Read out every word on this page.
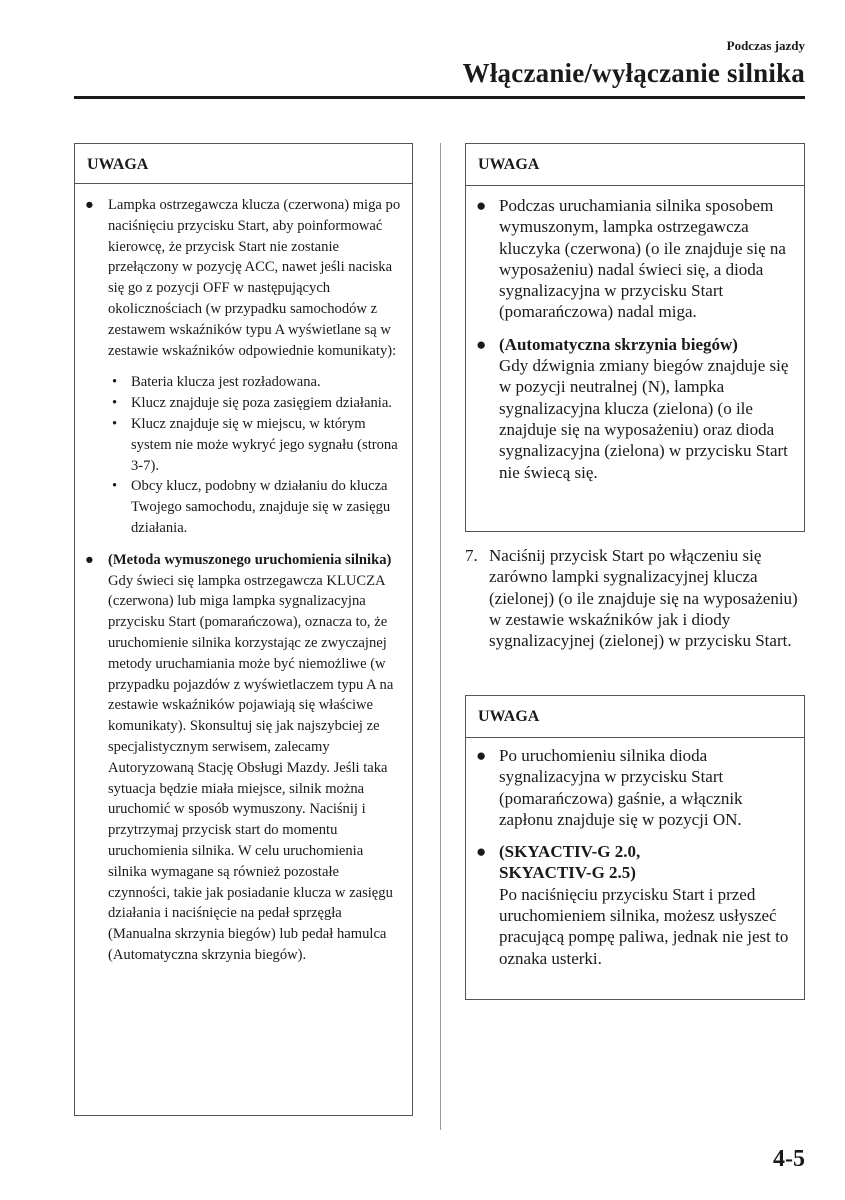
Podczas jazdy
Włączanie/wyłączanie silnika
UWAGA
● Lampka ostrzegawcza klucza (czerwona) miga po naciśnięciu przycisku Start, aby poinformować kierowcę, że przycisk Start nie zostanie przełączony w pozycję ACC, nawet jeśli naciska się go z pozycji OFF w następujących okolicznościach (w przypadku samochodów z zestawem wskaźników typu A wyświetlane są w zestawie wskaźników odpowiednie komunikaty):
• Bateria klucza jest rozładowana.
• Klucz znajduje się poza zasięgiem działania.
• Klucz znajduje się w miejscu, w którym system nie może wykryć jego sygnału (strona 3-7).
• Obcy klucz, podobny w działaniu do klucza Twojego samochodu, znajduje się w zasięgu działania.
● (Metoda wymuszonego uruchomienia silnika)
Gdy świeci się lampka ostrzegawcza KLUCZA (czerwona) lub miga lampka sygnalizacyjna przycisku Start (pomarańczowa), oznacza to, że uruchomienie silnika korzystając ze zwyczajnej metody uruchamiania może być niemożliwe (w przypadku pojazdów z wyświetlaczem typu A na zestawie wskaźników pojawiają się właściwe komunikaty). Skonsultuj się jak najszybciej ze specjalistycznym serwisem, zalecamy Autoryzowaną Stację Obsługi Mazdy. Jeśli taka sytuacja będzie miała miejsce, silnik można uruchomić w sposób wymuszony. Naciśnij i przytrzymaj przycisk start do momentu uruchomienia silnika. W celu uruchomienia silnika wymagane są również pozostałe czynności, takie jak posiadanie klucza w zasięgu działania i naciśnięcie na pedał sprzęgła (Manualna skrzynia biegów) lub pedał hamulca (Automatyczna skrzynia biegów).
UWAGA
● Podczas uruchamiania silnika sposobem wymuszonym, lampka ostrzegawcza kluczyka (czerwona) (o ile znajduje się na wyposażeniu) nadal świeci się, a dioda sygnalizacyjna w przycisku Start (pomarańczowa) nadal miga.
● (Automatyczna skrzynia biegów)
Gdy dźwignia zmiany biegów znajduje się w pozycji neutralnej (N), lampka sygnalizacyjna klucza (zielona) (o ile znajduje się na wyposażeniu) oraz dioda sygnalizacyjna (zielona) w przycisku Start nie świecą się.
7. Naciśnij przycisk Start po włączeniu się zarówno lampki sygnalizacyjnej klucza (zielonej) (o ile znajduje się na wyposażeniu) w zestawie wskaźników jak i diody sygnalizacyjnej (zielonej) w przycisku Start.
UWAGA
● Po uruchomieniu silnika dioda sygnalizacyjna w przycisku Start (pomarańczowa) gaśnie, a włącznik zapłonu znajduje się w pozycji ON.
● (SKYACTIV-G 2.0,
SKYACTIV-G 2.5)
Po naciśnięciu przycisku Start i przed uruchomieniem silnika, możesz usłyszeć pracującą pompę paliwa, jednak nie jest to oznaka usterki.
4-5
